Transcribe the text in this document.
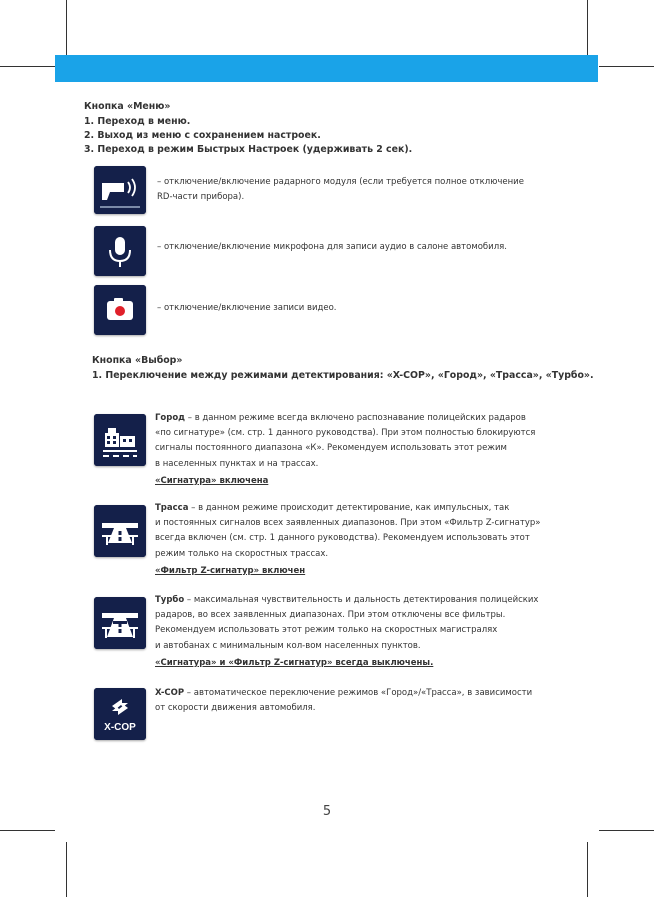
Кнопка «Меню»
1. Переход в меню.
2. Выход из меню с сохранением настроек.
3. Переход в режим Быстрых Настроек (удерживать 2 сек).
– отключение/включение радарного модуля (если требуется полное отключение
RD-части прибора).
– отключение/включение микрофона для записи аудио в салоне автомобиля.
– отключение/включение записи видео.
Кнопка «Выбор»
1. Переключение между режимами детектирования: «X-COP», «Город», «Трасса», «Турбо».
Город – в данном режиме всегда включено распознавание полицейских радаров
«по сигнатуре» (см. стр. 1 данного руководства). При этом полностью блокируются
сигналы постоянного диапазона «К». Рекомендуем использовать этот режим
в населенных пунктах и на трассах.
«Сигнатура» включена
Трасса – в данном режиме происходит детектирование, как импульсных, так
и постоянных сигналов всех заявленных диапазонов. При этом «Фильтр Z-сигнатур»
всегда включен (см. стр. 1 данного руководства). Рекомендуем использовать этот
режим только на скоростных трассах.
«Фильтр Z-сигнатур» включен
Турбо – максимальная чувствительность и дальность детектирования полицейских
радаров, во всех заявленных диапазонах. При этом отключены все фильтры.
Рекомендуем использовать этот режим только на скоростных магистралях
и автобанах с минимальным кол-вом населенных пунктов.
«Сигнатура» и «Фильтр Z-сигнатур» всегда выключены.
X-COP
X-COP – автоматическое переключение режимов «Город»/«Трасса», в зависимости
от скорости движения автомобиля.
5
